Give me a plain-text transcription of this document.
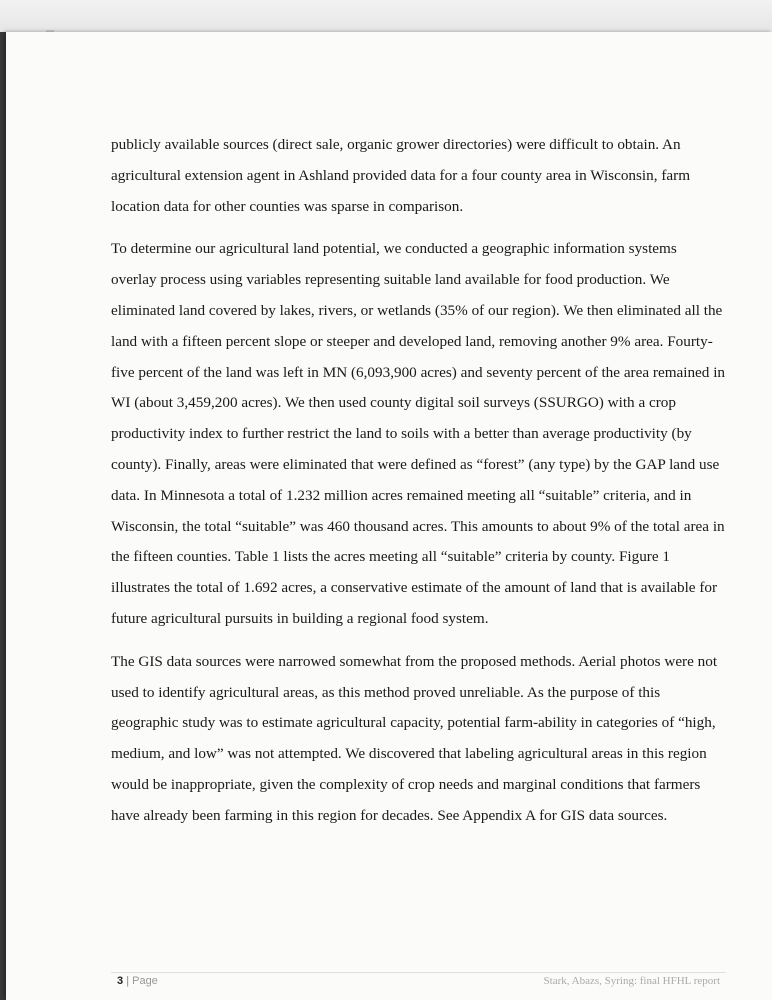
publicly available sources (direct sale, organic grower directories) were difficult to obtain. An agricultural extension agent in Ashland provided data for a four county area in Wisconsin, farm location data for other counties was sparse in comparison.

To determine our agricultural land potential, we conducted a geographic information systems overlay process using variables representing suitable land available for food production. We eliminated land covered by lakes, rivers, or wetlands (35% of our region). We then eliminated all the land with a fifteen percent slope or steeper and developed land, removing another 9% area. Fourty-five percent of the land was left in MN (6,093,900 acres) and seventy percent of the area remained in WI (about 3,459,200 acres). We then used county digital soil surveys (SSURGO) with a crop productivity index to further restrict the land to soils with a better than average productivity (by county). Finally, areas were eliminated that were defined as “forest” (any type) by the GAP land use data. In Minnesota a total of 1.232 million acres remained meeting all “suitable” criteria, and in Wisconsin, the total “suitable” was 460 thousand acres. This amounts to about 9% of the total area in the fifteen counties. Table 1 lists the acres meeting all “suitable” criteria by county. Figure 1 illustrates the total of 1.692 acres, a conservative estimate of the amount of land that is available for future agricultural pursuits in building a regional food system.

The GIS data sources were narrowed somewhat from the proposed methods. Aerial photos were not used to identify agricultural areas, as this method proved unreliable. As the purpose of this geographic study was to estimate agricultural capacity, potential farm-ability in categories of “high, medium, and low” was not attempted. We discovered that labeling agricultural areas in this region would be inappropriate, given the complexity of crop needs and marginal conditions that farmers have already been farming in this region for decades. See Appendix A for GIS data sources.

3 | Page	Stark, Abazs, Syring: final HFHL report
